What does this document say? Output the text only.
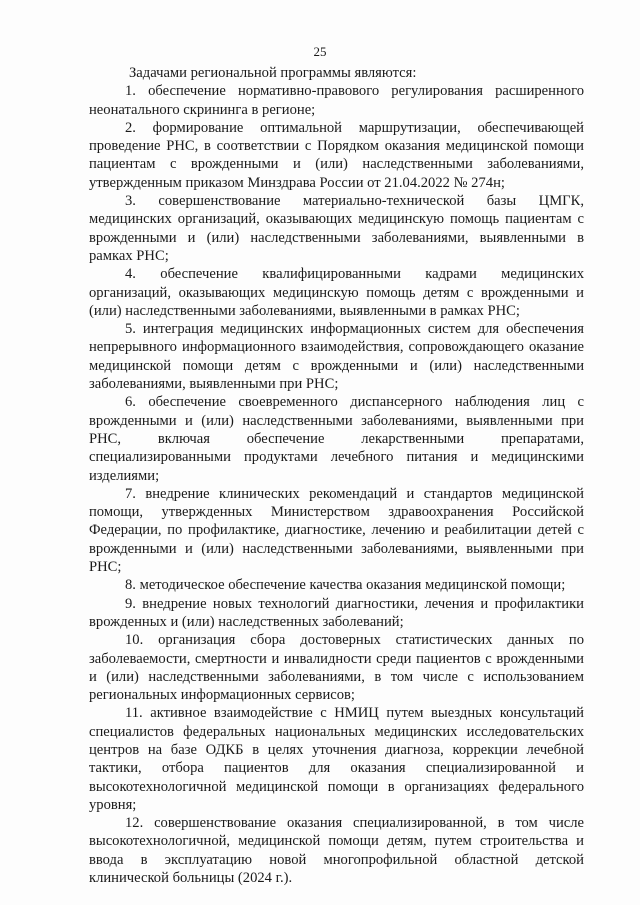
25

Задачами региональной программы являются:

1. обеспечение нормативно-правового регулирования расширенного неонатального скрининга в регионе;

2. формирование оптимальной маршрутизации, обеспечивающей проведение РНС, в соответствии с Порядком оказания медицинской помощи пациентам с врожденными и (или) наследственными заболеваниями, утвержденным приказом Минздрава России от 21.04.2022 № 274н;

3. совершенствование материально-технической базы ЦМГК, медицинских организаций, оказывающих медицинскую помощь пациентам с врожденными и (или) наследственными заболеваниями, выявленными в рамках РНС;

4. обеспечение квалифицированными кадрами медицинских организаций, оказывающих медицинскую помощь детям с врожденными и (или) наследственными заболеваниями, выявленными в рамках РНС;

5. интеграция медицинских информационных систем для обеспечения непрерывного информационного взаимодействия, сопровождающего оказание медицинской помощи детям с врожденными и (или) наследственными заболеваниями, выявленными при РНС;

6. обеспечение своевременного диспансерного наблюдения лиц с врожденными и (или) наследственными заболеваниями, выявленными при РНС, включая обеспечение лекарственными препаратами, специализированными продуктами лечебного питания и медицинскими изделиями;

7. внедрение клинических рекомендаций и стандартов медицинской помощи, утвержденных Министерством здравоохранения Российской Федерации, по профилактике, диагностике, лечению и реабилитации детей с врожденными и (или) наследственными заболеваниями, выявленными при РНС;

8. методическое обеспечение качества оказания медицинской помощи;

9. внедрение новых технологий диагностики, лечения и профилактики врожденных и (или) наследственных заболеваний;

10. организация сбора достоверных статистических данных по заболеваемости, смертности и инвалидности среди пациентов с врожденными и (или) наследственными заболеваниями, в том числе с использованием региональных информационных сервисов;

11. активное взаимодействие с НМИЦ путем выездных консультаций специалистов федеральных национальных медицинских исследовательских центров на базе ОДКБ в целях уточнения диагноза, коррекции лечебной тактики, отбора пациентов для оказания специализированной и высокотехнологичной медицинской помощи в организациях федерального уровня;

12. совершенствование оказания специализированной, в том числе высокотехнологичной, медицинской помощи детям, путем строительства и ввода в эксплуатацию новой многопрофильной областной детской клинической больницы (2024 г.).
